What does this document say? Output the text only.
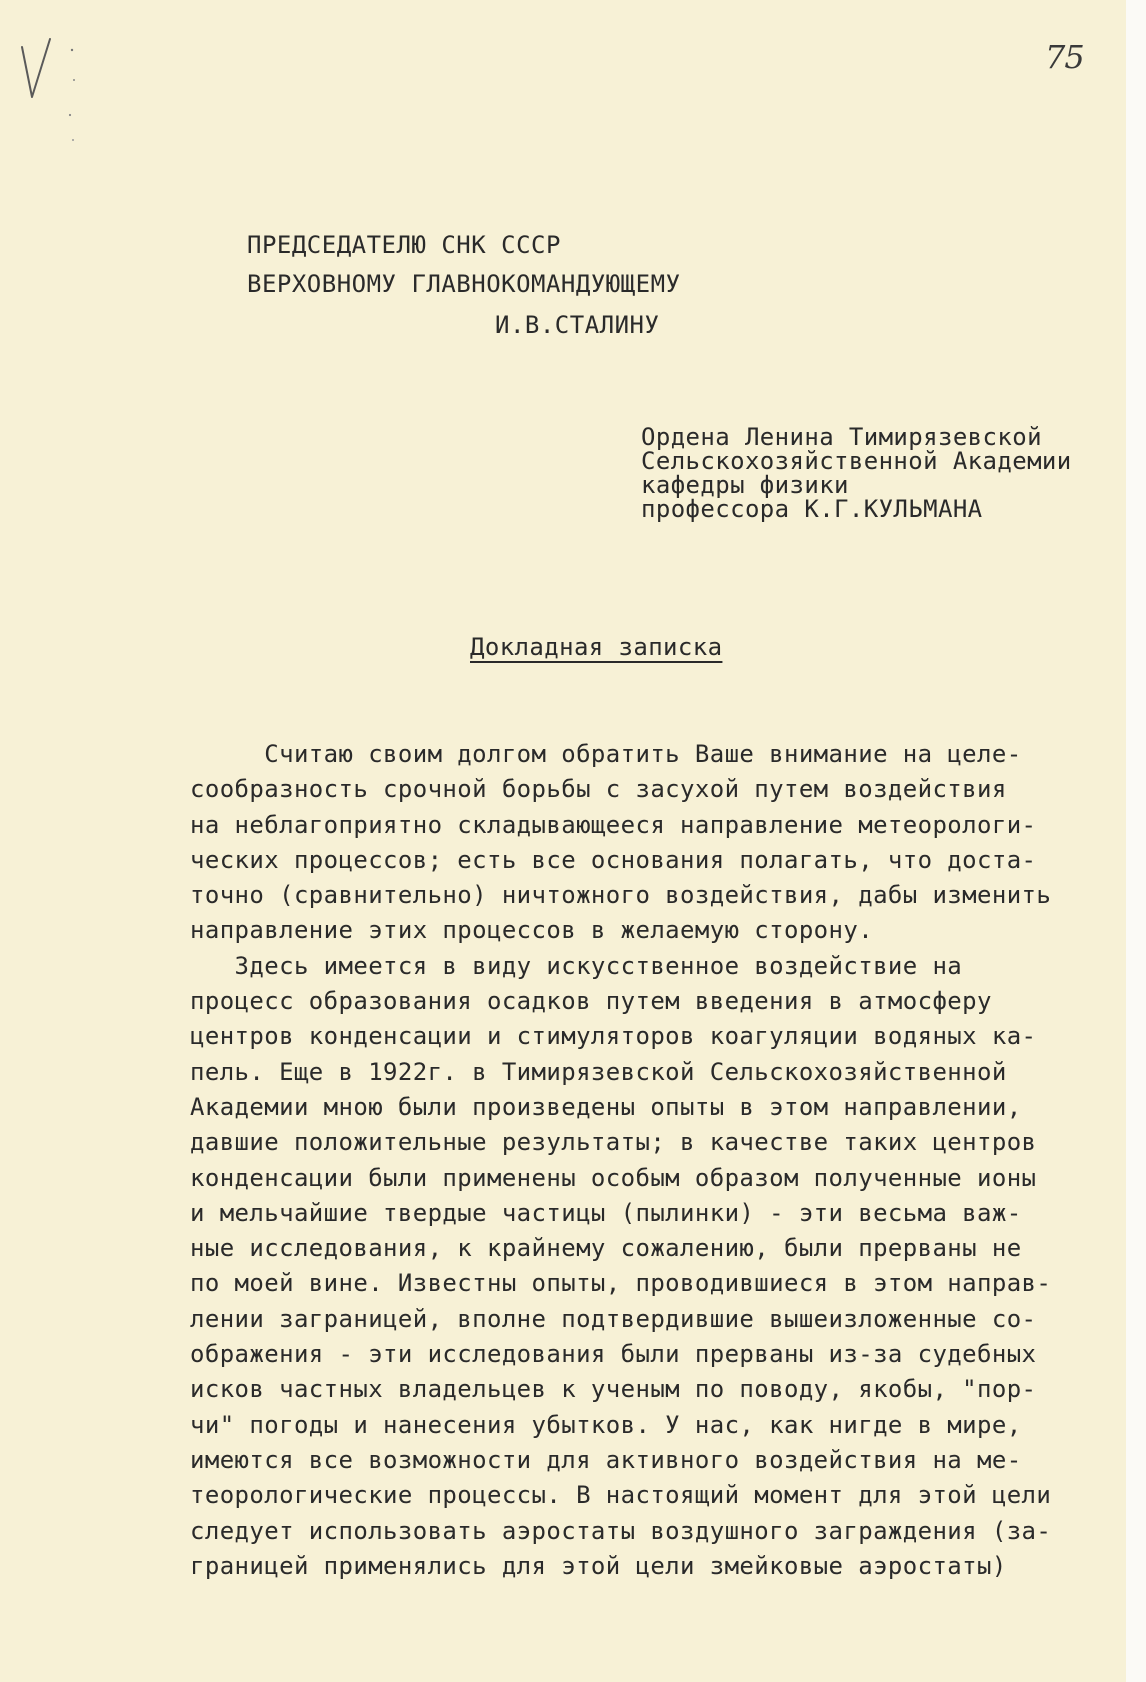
75
ПРЕДСЕДАТЕЛЮ СНК СССР
ВЕРХОВНОМУ ГЛАВНОКОМАНДУЮЩЕМУ

И.В.СТАЛИНУ
Ордена Ленина Тимирязевской
Сельскохозяйственной Академии
кафедры физики
профессора К.Г.КУЛЬМАНА
Докладная записка
Считаю своим долгом обратить Ваше внимание на целе-
сообразность срочной борьбы с засухой путем воздействия
на неблагоприятно складывающееся направление метеорологи-
ческих процессов; есть все основания полагать, что доста-
точно (сравнительно) ничтожного воздействия, дабы изменить
направление этих процессов в желаемую сторону.
Здесь имеется в виду искусственное воздействие на
процесс образования осадков путем введения в атмосферу
центров конденсации и стимуляторов коагуляции водяных ка-
пель. Еще в 1922г. в Тимирязевской Сельскохозяйственной
Академии мною были произведены опыты в этом направлении,
давшие положительные результаты; в качестве таких центров
конденсации были применены особым образом полученные ионы
и мельчайшие твердые частицы (пылинки) - эти весьма важ-
ные исследования, к крайнему сожалению, были прерваны не
по моей вине. Известны опыты, проводившиеся в этом направ-
лении заграницей, вполне подтвердившие вышеизложенные со-
ображения - эти исследования были прерваны из-за судебных
исков частных владельцев к ученым по поводу, якобы, "пор-
чи" погоды и нанесения убытков. У нас, как нигде в мире,
имеются все возможности для активного воздействия на ме-
теорологические процессы. В настоящий момент для этой цели
следует использовать аэростаты воздушного заграждения (за-
границей применялись для этой цели змейковые аэростаты)
